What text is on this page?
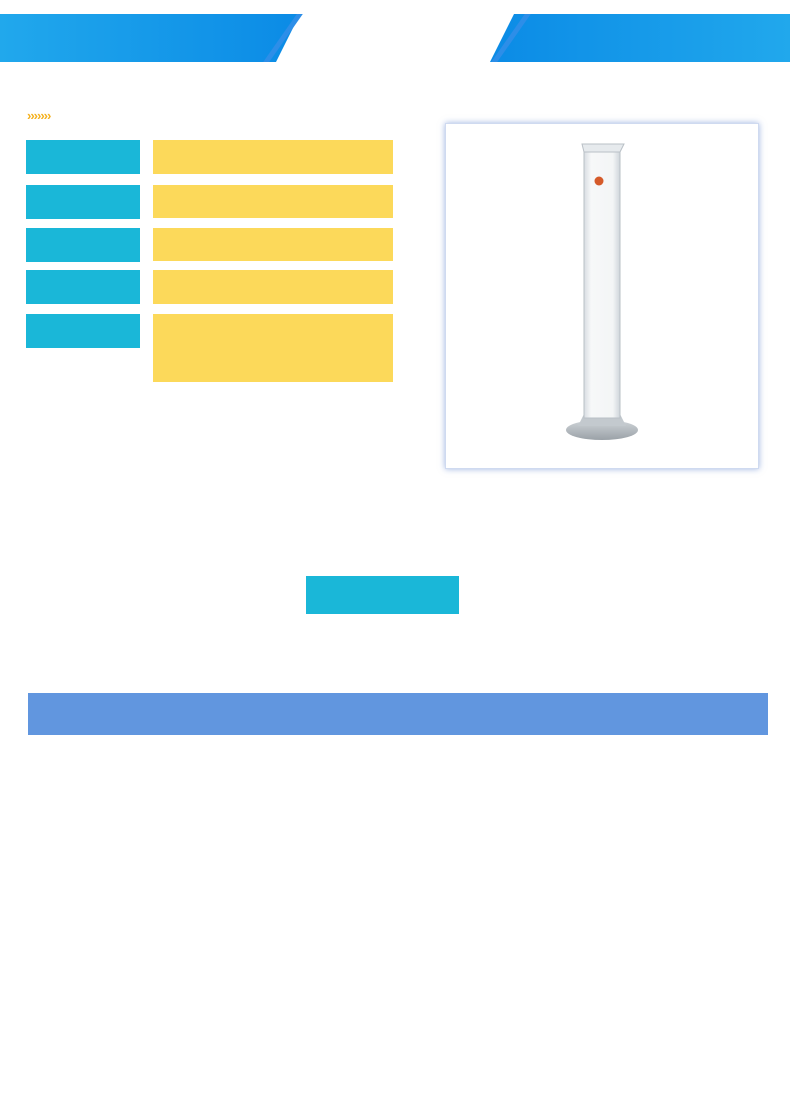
›››››››
